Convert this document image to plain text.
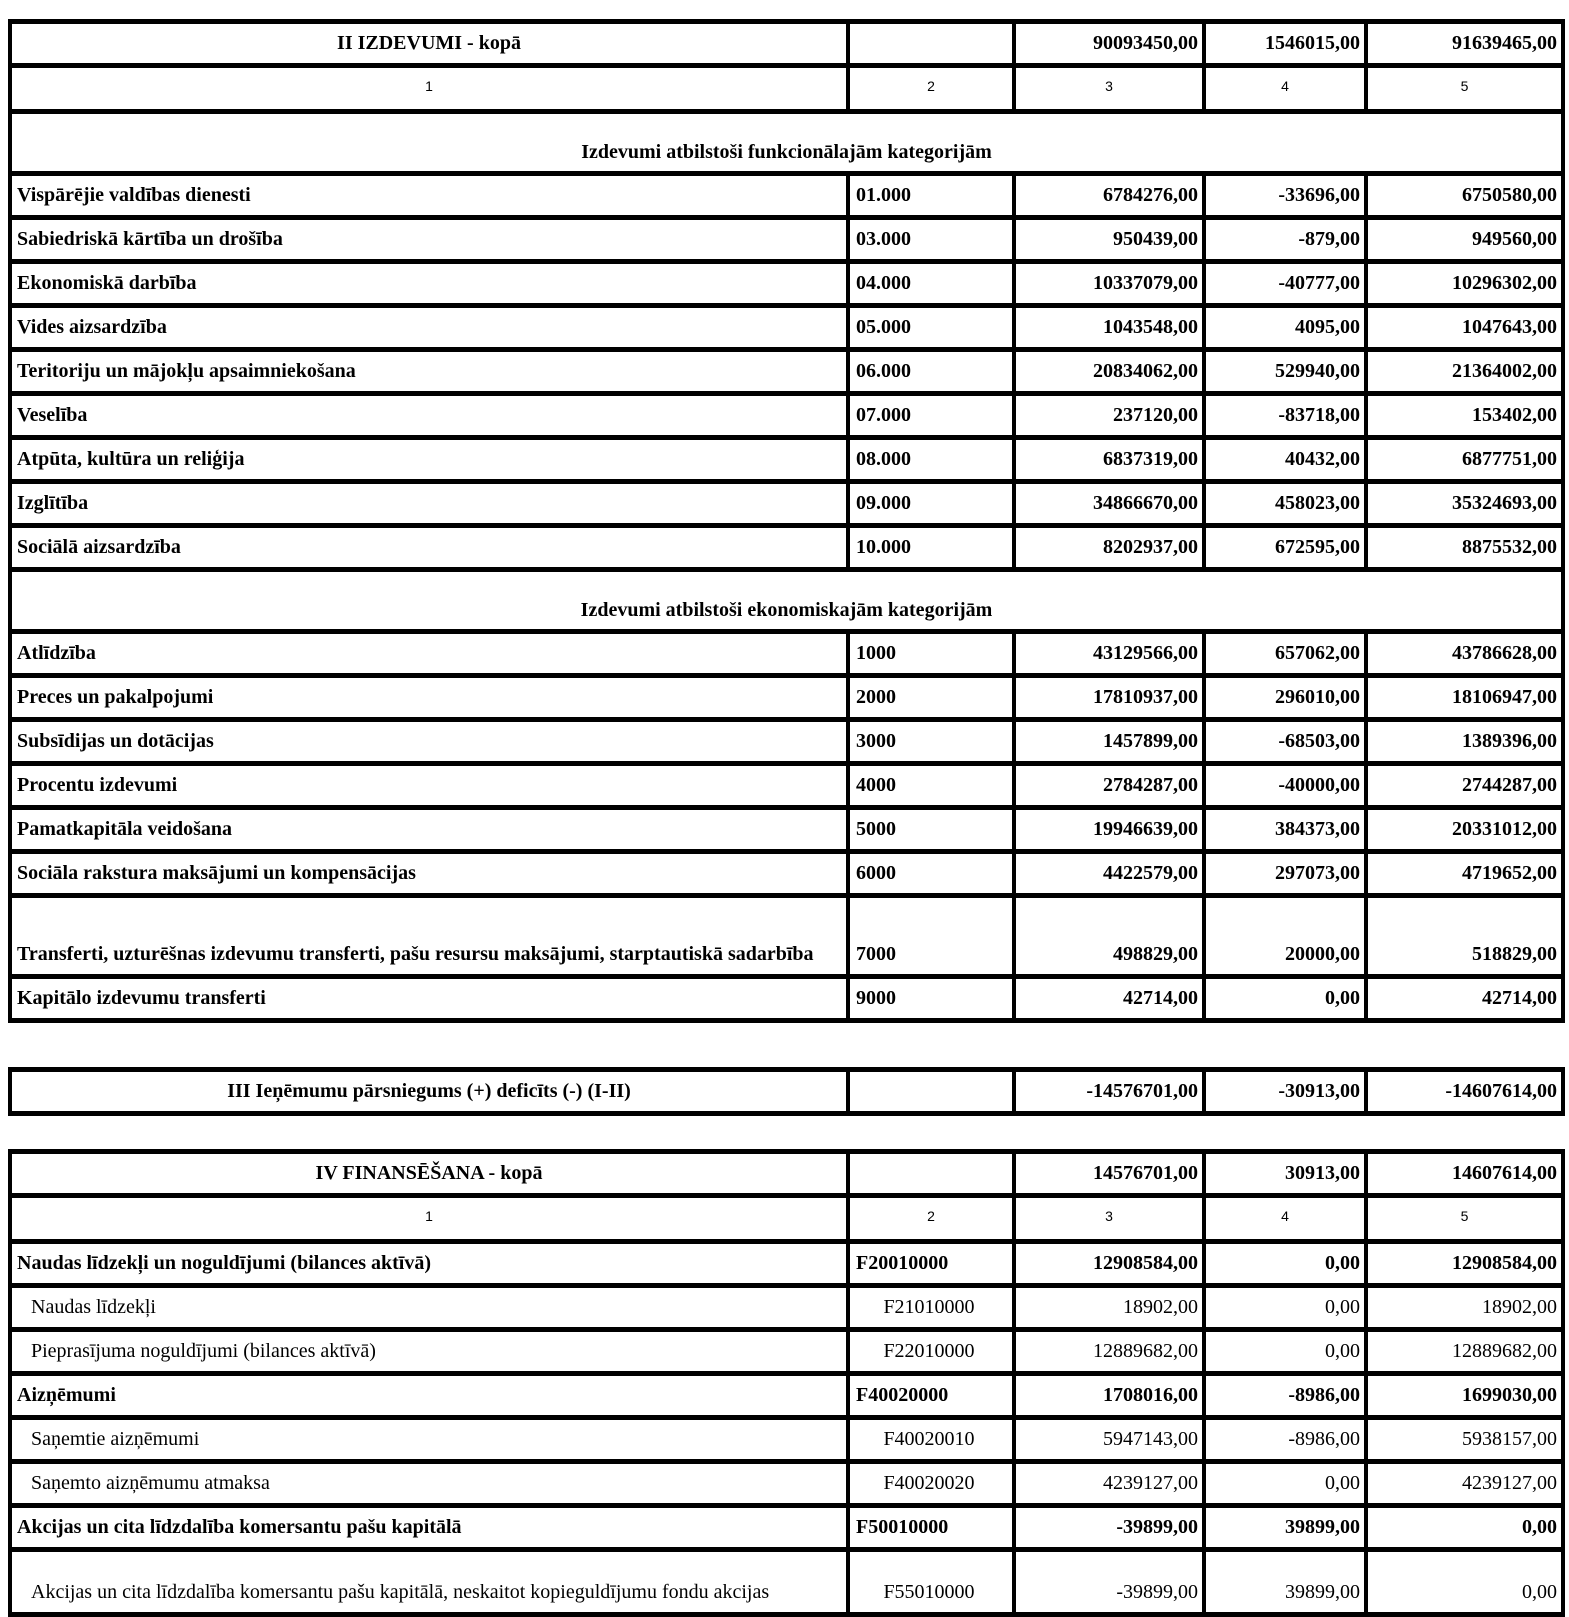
II IZDEVUMI - kopā		90093450,00	1546015,00	91639465,00
1	2	3	4	5
Izdevumi atbilstoši funkcionālajām kategorijām				
Vispārējie valdības dienesti	01.000	6784276,00	-33696,00	6750580,00
Sabiedriskā kārtība un drošība	03.000	950439,00	-879,00	949560,00
Ekonomiskā darbība	04.000	10337079,00	-40777,00	10296302,00
Vides aizsardzība	05.000	1043548,00	4095,00	1047643,00
Teritoriju un mājokļu apsaimniekošana	06.000	20834062,00	529940,00	21364002,00
Veselība	07.000	237120,00	-83718,00	153402,00
Atpūta, kultūra un reliģija	08.000	6837319,00	40432,00	6877751,00
Izglītība	09.000	34866670,00	458023,00	35324693,00
Sociālā aizsardzība	10.000	8202937,00	672595,00	8875532,00
Izdevumi atbilstoši ekonomiskajām kategorijām				
Atlīdzība	1000	43129566,00	657062,00	43786628,00
Preces un pakalpojumi	2000	17810937,00	296010,00	18106947,00
Subsīdijas un dotācijas	3000	1457899,00	-68503,00	1389396,00
Procentu izdevumi	4000	2784287,00	-40000,00	2744287,00
Pamatkapitāla veidošana	5000	19946639,00	384373,00	20331012,00
Sociāla rakstura maksājumi un kompensācijas	6000	4422579,00	297073,00	4719652,00
Transferti, uzturēšnas izdevumu transferti, pašu resursu maksājumi, starptautiskā sadarbība	7000	498829,00	20000,00	518829,00
Kapitālo izdevumu transferti	9000	42714,00	0,00	42714,00
III Ieņēmumu pārsniegums (+) deficīts (-) (I-II)		-14576701,00	-30913,00	-14607614,00
IV FINANSĒŠANA - kopā		14576701,00	30913,00	14607614,00
1	2	3	4	5
Naudas līdzekļi un noguldījumi (bilances aktīvā)	F20010000	12908584,00	0,00	12908584,00
Naudas līdzekļi	F21010000	18902,00	0,00	18902,00
Pieprasījuma noguldījumi (bilances aktīvā)	F22010000	12889682,00	0,00	12889682,00
Aizņēmumi	F40020000	1708016,00	-8986,00	1699030,00
Saņemtie aizņēmumi	F40020010	5947143,00	-8986,00	5938157,00
Saņemto aizņēmumu atmaksa	F40020020	4239127,00	0,00	4239127,00
Akcijas un cita līdzdalība komersantu pašu kapitālā	F50010000	-39899,00	39899,00	0,00
Akcijas un cita līdzdalība komersantu pašu kapitālā, neskaitot kopieguldījumu fondu akcijas	F55010000	-39899,00	39899,00	0,00
